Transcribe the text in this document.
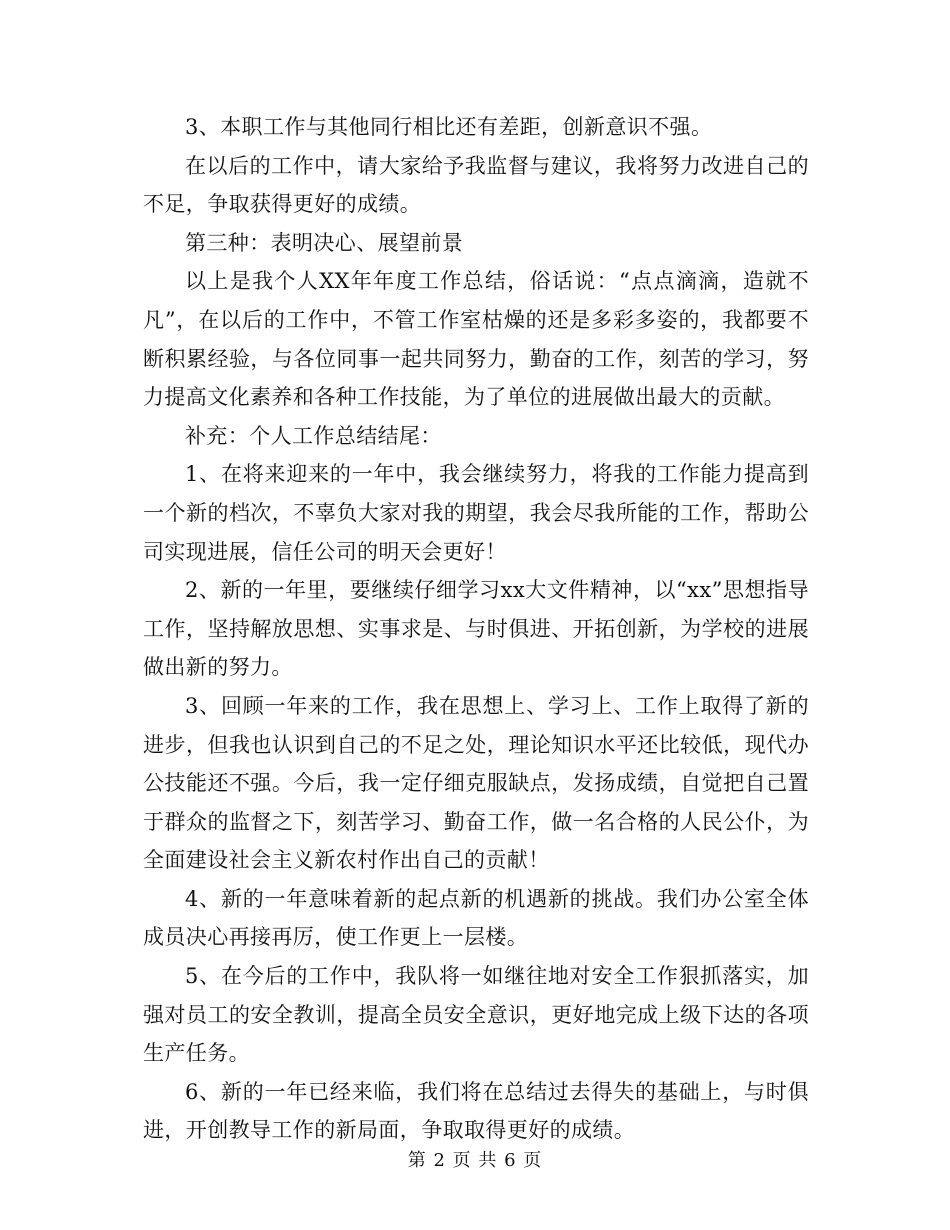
3、本职工作与其他同行相比还有差距，创新意识不强。

在以后的工作中，请大家给予我监督与建议，我将努力改进自己的不足，争取获得更好的成绩。

第三种：表明决心、展望前景

以上是我个人XX年年度工作总结，俗话说：“点点滴滴，造就不凡”，在以后的工作中，不管工作室枯燥的还是多彩多姿的，我都要不断积累经验，与各位同事一起共同努力，勤奋的工作，刻苦的学习，努力提高文化素养和各种工作技能，为了单位的进展做出最大的贡献。

补充：个人工作总结结尾：

1、在将来迎来的一年中，我会继续努力，将我的工作能力提高到一个新的档次，不辜负大家对我的期望，我会尽我所能的工作，帮助公司实现进展，信任公司的明天会更好！

2、新的一年里，要继续仔细学习xx大文件精神，以“xx”思想指导工作，坚持解放思想、实事求是、与时俱进、开拓创新，为学校的进展做出新的努力。

3、回顾一年来的工作，我在思想上、学习上、工作上取得了新的进步，但我也认识到自己的不足之处，理论知识水平还比较低，现代办公技能还不强。今后，我一定仔细克服缺点，发扬成绩，自觉把自己置于群众的监督之下，刻苦学习、勤奋工作，做一名合格的人民公仆，为全面建设社会主义新农村作出自己的贡献！

4、新的一年意味着新的起点新的机遇新的挑战。我们办公室全体成员决心再接再厉，使工作更上一层楼。

5、在今后的工作中，我队将一如继往地对安全工作狠抓落实，加强对员工的安全教训，提高全员安全意识，更好地完成上级下达的各项生产任务。

6、新的一年已经来临，我们将在总结过去得失的基础上，与时俱进，开创教导工作的新局面，争取取得更好的成绩。

第 2 页 共 6 页
